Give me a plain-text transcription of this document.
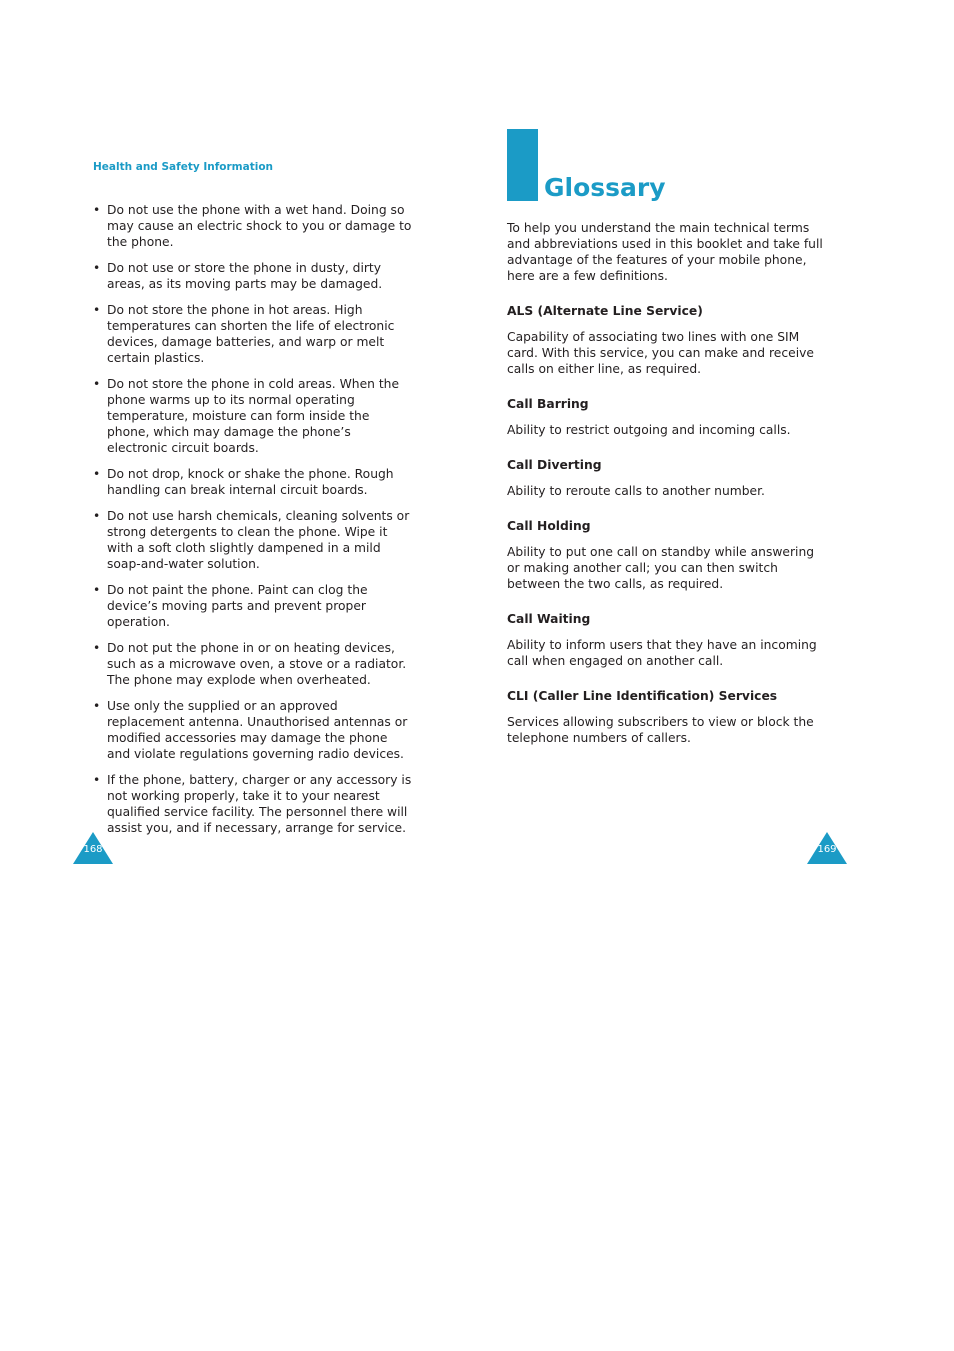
Health and Safety Information

• Do not use the phone with a wet hand. Doing so may cause an electric shock to you or damage to the phone.
• Do not use or store the phone in dusty, dirty areas, as its moving parts may be damaged.
• Do not store the phone in hot areas. High temperatures can shorten the life of electronic devices, damage batteries, and warp or melt certain plastics.
• Do not store the phone in cold areas. When the phone warms up to its normal operating temperature, moisture can form inside the phone, which may damage the phone’s electronic circuit boards.
• Do not drop, knock or shake the phone. Rough handling can break internal circuit boards.
• Do not use harsh chemicals, cleaning solvents or strong detergents to clean the phone. Wipe it with a soft cloth slightly dampened in a mild soap-and-water solution.
• Do not paint the phone. Paint can clog the device’s moving parts and prevent proper operation.
• Do not put the phone in or on heating devices, such as a microwave oven, a stove or a radiator. The phone may explode when overheated.
• Use only the supplied or an approved replacement antenna. Unauthorised antennas or modified accessories may damage the phone and violate regulations governing radio devices.
• If the phone, battery, charger or any accessory is not working properly, take it to your nearest qualified service facility. The personnel there will assist you, and if necessary, arrange for service.
168
Glossary

To help you understand the main technical terms and abbreviations used in this booklet and take full advantage of the features of your mobile phone, here are a few definitions.

ALS (Alternate Line Service)

Capability of associating two lines with one SIM card. With this service, you can make and receive calls on either line, as required.

Call Barring

Ability to restrict outgoing and incoming calls.

Call Diverting

Ability to reroute calls to another number.

Call Holding

Ability to put one call on standby while answering or making another call; you can then switch between the two calls, as required.

Call Waiting

Ability to inform users that they have an incoming call when engaged on another call.

CLI (Caller Line Identification) Services

Services allowing subscribers to view or block the telephone numbers of callers.

169
